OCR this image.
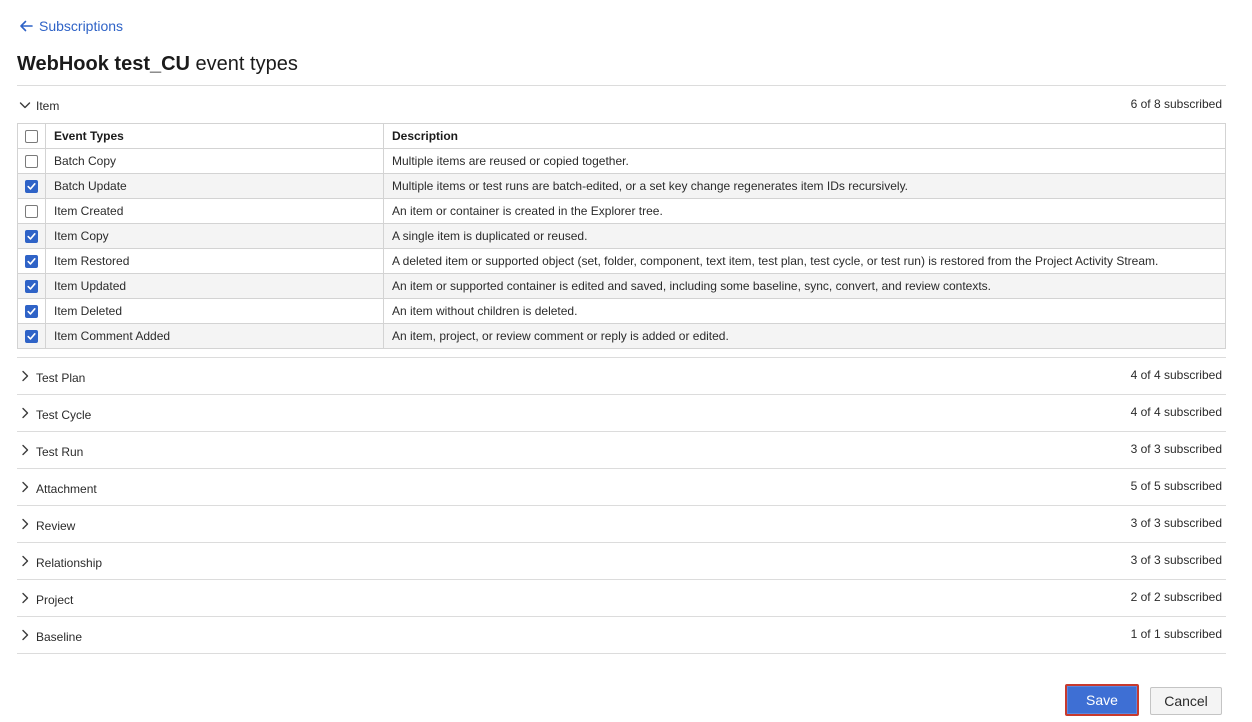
Subscriptions
WebHook test_CU event types
Item	6 of 8 subscribed
	Event Types	Description
	Batch Copy	Multiple items are reused or copied together.

	Batch Update	Multiple items or test runs are batch-edited, or a set key change regenerates item IDs recursively.
	Item Created	An item or container is created in the Explorer tree.

	Item Copy	A single item is duplicated or reused.

	Item Restored	A deleted item or supported object (set, folder, component, text item, test plan, test cycle, or test run) is restored from the Project Activity Stream.

	Item Updated	An item or supported container is edited and saved, including some baseline, sync, convert, and review contexts.

	Item Deleted	An item without children is deleted.

	Item Comment Added	An item, project, or review comment or reply is added or edited.
Test Plan	4 of 4 subscribed
Test Cycle	4 of 4 subscribed
Test Run	3 of 3 subscribed
Attachment	5 of 5 subscribed
Review	3 of 3 subscribed
Relationship	3 of 3 subscribed
Project	2 of 2 subscribed
Baseline	1 of 1 subscribed
Save	Cancel
